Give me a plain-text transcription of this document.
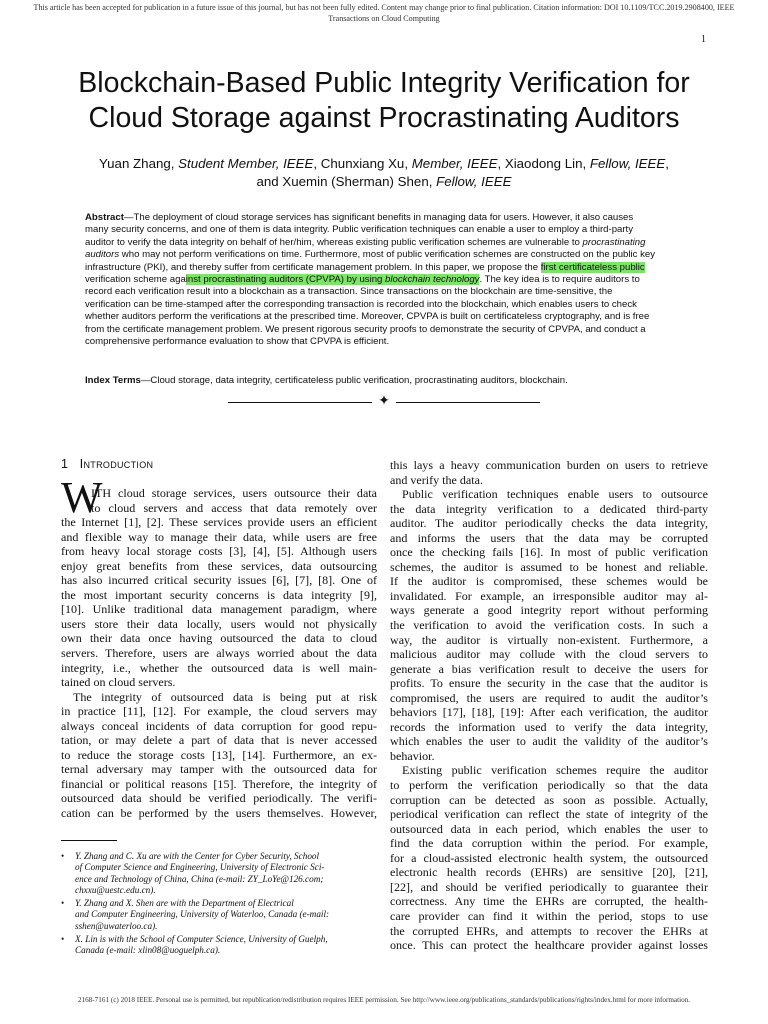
This article has been accepted for publication in a future issue of this journal, but has not been fully edited. Content may change prior to final publication. Citation information: DOI 10.1109/TCC.2019.2908400, IEEE
Transactions on Cloud Computing
1
Blockchain-Based Public Integrity Verification for
Cloud Storage against Procrastinating Auditors
Yuan Zhang, Student Member, IEEE, Chunxiang Xu, Member, IEEE, Xiaodong Lin, Fellow, IEEE,
and Xuemin (Sherman) Shen, Fellow, IEEE
Abstract—The deployment of cloud storage services has significant benefits in managing data for users. However, it also causes
many security concerns, and one of them is data integrity. Public verification techniques can enable a user to employ a third-party
auditor to verify the data integrity on behalf of her/him, whereas existing public verification schemes are vulnerable to procrastinating
auditors who may not perform verifications on time. Furthermore, most of public verification schemes are constructed on the public key
infrastructure (PKI), and thereby suffer from certificate management problem. In this paper, we propose the first certificateless public
verification scheme against procrastinating auditors (CPVPA) by using blockchain technology. The key idea is to require auditors to
record each verification result into a blockchain as a transaction. Since transactions on the blockchain are time-sensitive, the
verification can be time-stamped after the corresponding transaction is recorded into the blockchain, which enables users to check
whether auditors perform the verifications at the prescribed time. Moreover, CPVPA is built on certificateless cryptography, and is free
from the certificate management problem. We present rigorous security proofs to demonstrate the security of CPVPA, and conduct a
comprehensive performance evaluation to show that CPVPA is efficient.
Index Terms—Cloud storage, data integrity, certificateless public verification, procrastinating auditors, blockchain.
✦
1 Introduction
W
ITH cloud storage services, users outsource their data
to cloud servers and access that data remotely over
the Internet [1], [2]. These services provide users an efficient
and flexible way to manage their data, while users are free
from heavy local storage costs [3], [4], [5]. Although users
enjoy great benefits from these services, data outsourcing
has also incurred critical security issues [6], [7], [8]. One of
the most important security concerns is data integrity [9],
[10]. Unlike traditional data management paradigm, where
users store their data locally, users would not physically
own their data once having outsourced the data to cloud
servers. Therefore, users are always worried about the data
integrity, i.e., whether the outsourced data is well main-
tained on cloud servers.
The integrity of outsourced data is being put at risk
in practice [11], [12]. For example, the cloud servers may
always conceal incidents of data corruption for good repu-
tation, or may delete a part of data that is never accessed
to reduce the storage costs [13], [14]. Furthermore, an ex-
ternal adversary may tamper with the outsourced data for
financial or political reasons [15]. Therefore, the integrity of
outsourced data should be verified periodically. The verifi-
cation can be performed by the users themselves. However,
• Y. Zhang and C. Xu are with the Center for Cyber Security, School
of Computer Science and Engineering, University of Electronic Sci-
ence and Technology of China, China (e-mail: ZY_LoYe@126.com;
chxxu@uestc.edu.cn).
• Y. Zhang and X. Shen are with the Department of Electrical
and Computer Engineering, University of Waterloo, Canada (e-mail:
sshen@uwaterloo.ca).
• X. Lin is with the School of Computer Science, University of Guelph,
Canada (e-mail: xlin08@uoguelph.ca).
this lays a heavy communication burden on users to retrieve
and verify the data.
Public verification techniques enable users to outsource
the data integrity verification to a dedicated third-party
auditor. The auditor periodically checks the data integrity,
and informs the users that the data may be corrupted
once the checking fails [16]. In most of public verification
schemes, the auditor is assumed to be honest and reliable.
If the auditor is compromised, these schemes would be
invalidated. For example, an irresponsible auditor may al-
ways generate a good integrity report without performing
the verification to avoid the verification costs. In such a
way, the auditor is virtually non-existent. Furthermore, a
malicious auditor may collude with the cloud servers to
generate a bias verification result to deceive the users for
profits. To ensure the security in the case that the auditor is
compromised, the users are required to audit the auditor’s
behaviors [17], [18], [19]: After each verification, the auditor
records the information used to verify the data integrity,
which enables the user to audit the validity of the auditor’s
behavior.
Existing public verification schemes require the auditor
to perform the verification periodically so that the data
corruption can be detected as soon as possible. Actually,
periodical verification can reflect the state of integrity of the
outsourced data in each period, which enables the user to
find the data corruption within the period. For example,
for a cloud-assisted electronic health system, the outsourced
electronic health records (EHRs) are sensitive [20], [21],
[22], and should be verified periodically to guarantee their
correctness. Any time the EHRs are corrupted, the health-
care provider can find it within the period, stops to use
the corrupted EHRs, and attempts to recover the EHRs at
once. This can protect the healthcare provider against losses
2168-7161 (c) 2018 IEEE. Personal use is permitted, but republication/redistribution requires IEEE permission. See http://www.ieee.org/publications_standards/publications/rights/index.html for more information.
